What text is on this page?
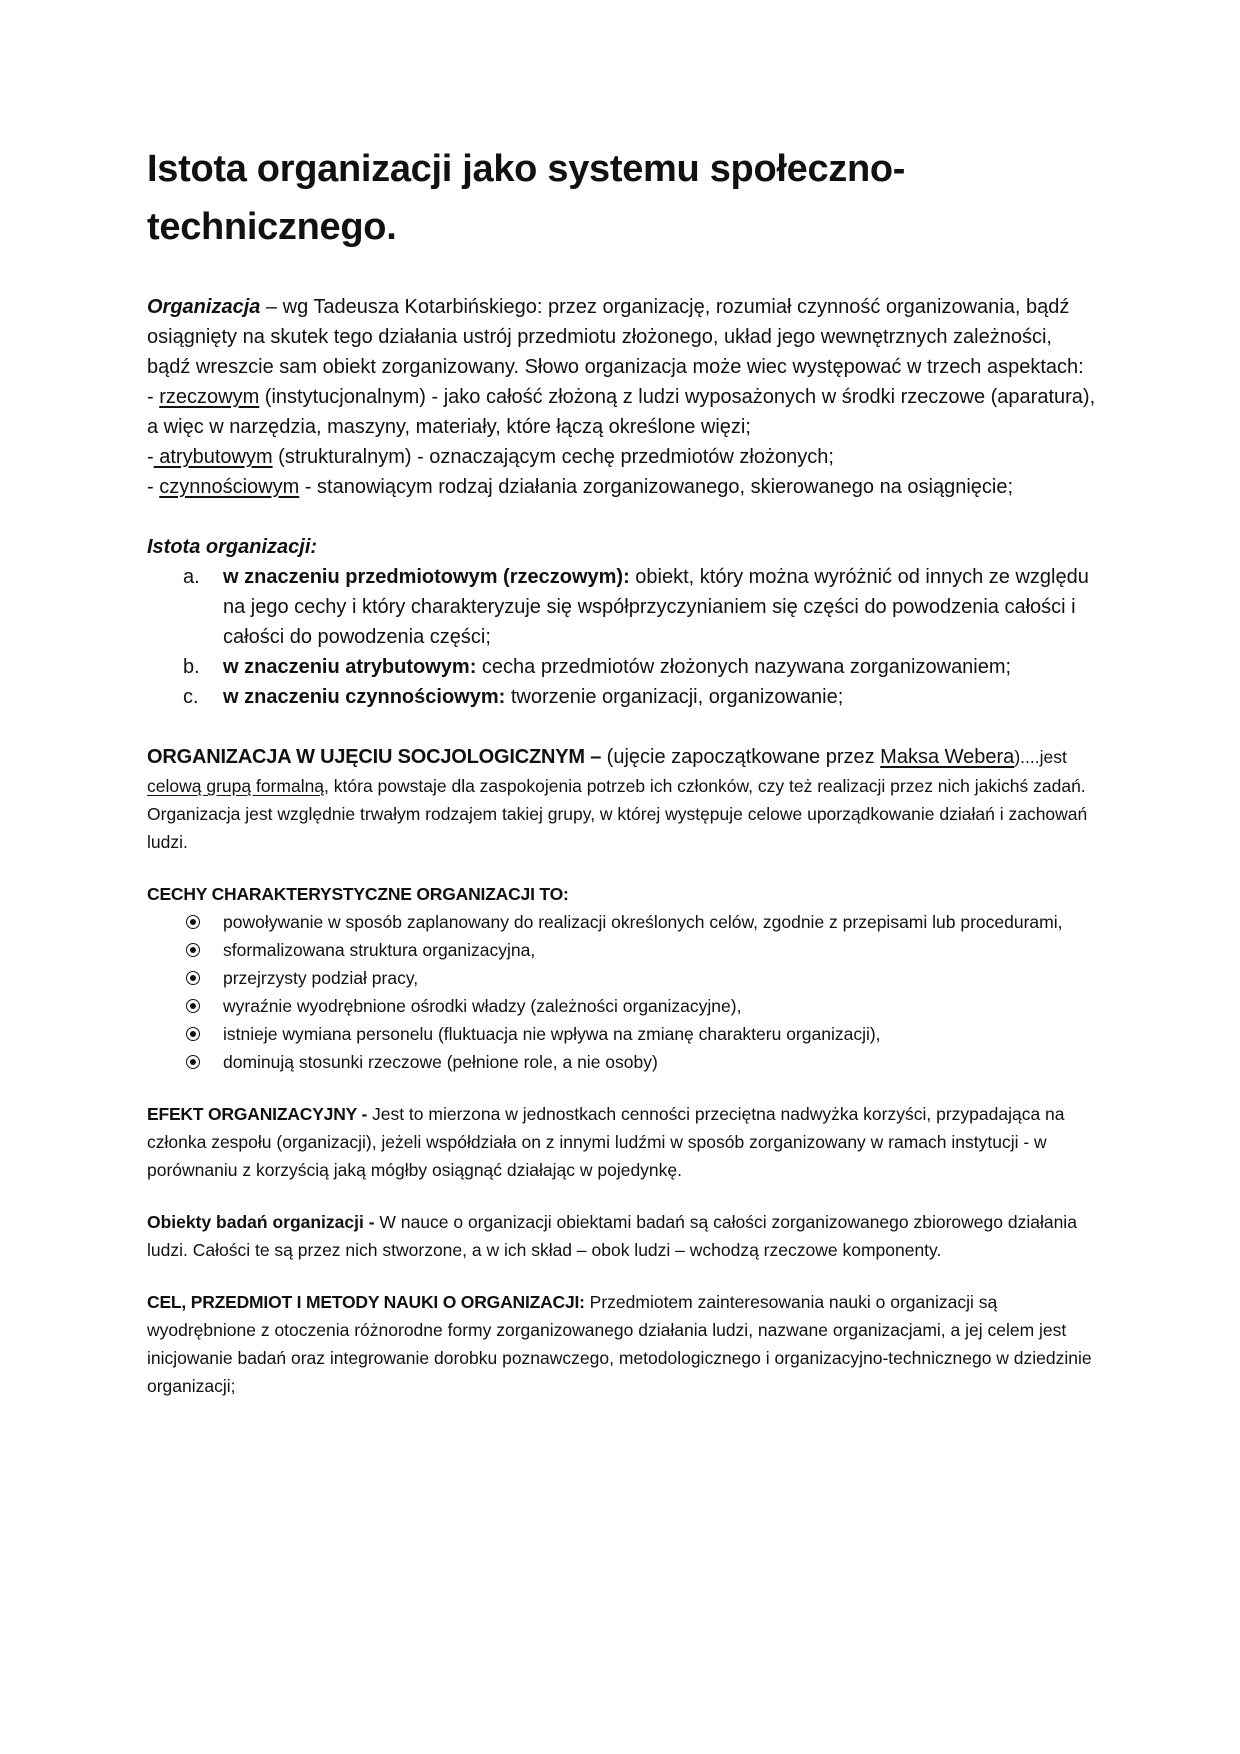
Istota organizacji jako systemu społeczno-technicznego.

Organizacja – wg Tadeusza Kotarbińskiego: przez organizację, rozumiał czynność organizowania, bądź osiągnięty na skutek tego działania ustrój przedmiotu złożonego, układ jego wewnętrznych zależności, bądź wreszcie sam obiekt zorganizowany. Słowo organizacja może wiec występować w trzech aspektach:

- rzeczowym (instytucjonalnym) - jako całość złożoną z ludzi wyposażonych w środki rzeczowe (aparatura), a więc w narzędzia, maszyny, materiały, które łączą określone więzi;

- atrybutowym (strukturalnym) - oznaczającym cechę przedmiotów złożonych;

- czynnościowym - stanowiącym rodzaj działania zorganizowanego, skierowanego na osiągnięcie;

Istota organizacji:

a. w znaczeniu przedmiotowym (rzeczowym): obiekt, który można wyróżnić od innych ze względu na jego cechy i który charakteryzuje się współprzyczynianiem się części do powodzenia całości i całości do powodzenia części;
b. w znaczeniu atrybutowym: cecha przedmiotów złożonych nazywana zorganizowaniem;
c. w znaczeniu czynnościowym: tworzenie organizacji, organizowanie;

ORGANIZACJA W UJĘCIU SOCJOLOGICZNYM – (ujęcie zapoczątkowane przez Maksa Webera)....jest celową grupą formalną, która powstaje dla zaspokojenia potrzeb ich członków, czy też realizacji przez nich jakichś zadań. Organizacja jest względnie trwałym rodzajem takiej grupy, w której występuje celowe uporządkowanie działań i zachowań ludzi.

CECHY CHARAKTERYSTYCZNE ORGANIZACJI TO:

powoływanie w sposób zaplanowany do realizacji określonych celów, zgodnie z przepisami lub procedurami,
sformalizowana struktura organizacyjna,
przejrzysty podział pracy,
wyraźnie wyodrębnione ośrodki władzy (zależności organizacyjne),
istnieje wymiana personelu (fluktuacja nie wpływa na zmianę charakteru organizacji),
dominują stosunki rzeczowe (pełnione role, a nie osoby)

EFEKT ORGANIZACYJNY - Jest to mierzona w jednostkach cenności przeciętna nadwyżka korzyści, przypadająca na członka zespołu (organizacji), jeżeli współdziała on z innymi ludźmi w sposób zorganizowany w ramach instytucji - w porównaniu z korzyścią jaką mógłby osiągnąć działając w pojedynkę.

Obiekty badań organizacji - W nauce o organizacji obiektami badań są całości zorganizowanego zbiorowego działania ludzi. Całości te są przez nich stworzone, a w ich skład – obok ludzi – wchodzą rzeczowe komponenty.

CEL, PRZEDMIOT I METODY NAUKI O ORGANIZACJI: Przedmiotem zainteresowania nauki o organizacji są wyodrębnione z otoczenia różnorodne formy zorganizowanego działania ludzi, nazwane organizacjami, a jej celem jest inicjowanie badań oraz integrowanie dorobku poznawczego, metodologicznego i organizacyjno-technicznego w dziedzinie organizacji;
